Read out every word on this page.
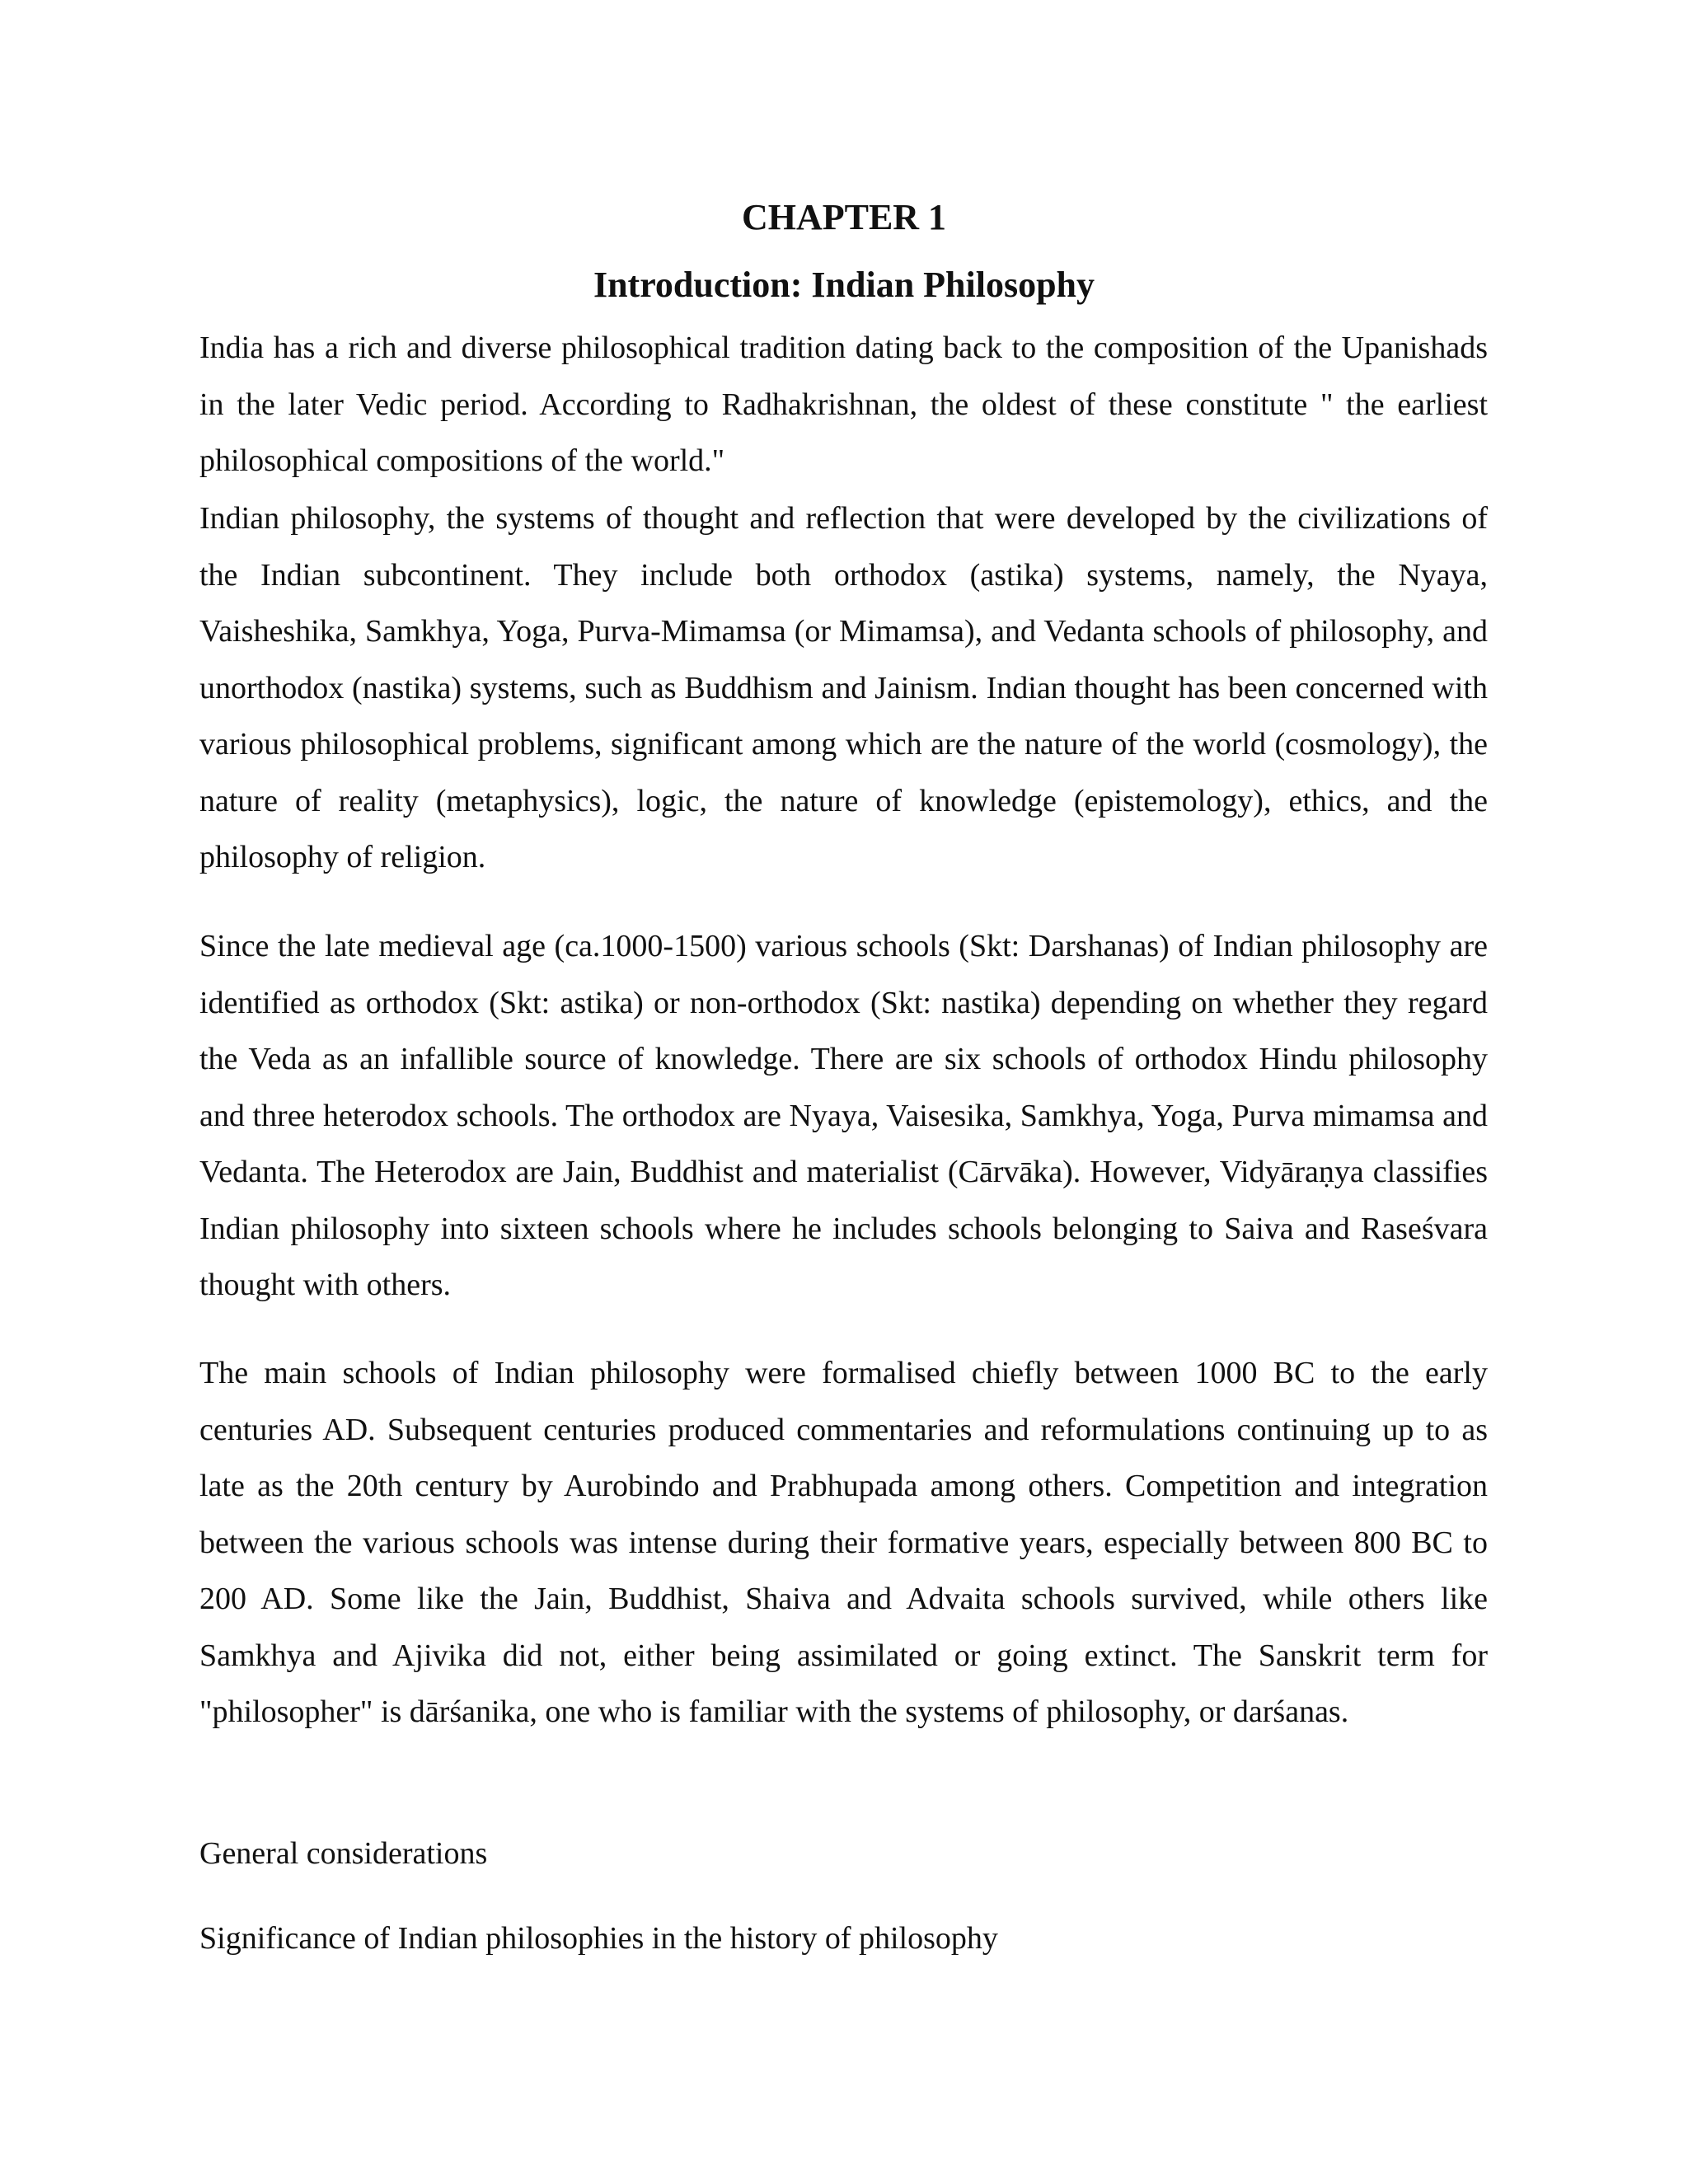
CHAPTER 1
Introduction: Indian Philosophy

India has a rich and diverse philosophical tradition dating back to the composition of the Upanishads in the later Vedic period. According to Radhakrishnan, the oldest of these constitute " the earliest philosophical compositions of the world."

Indian philosophy, the systems of thought and reflection that were developed by the civilizations of the Indian subcontinent. They include both orthodox (astika) systems, namely, the Nyaya, Vaisheshika, Samkhya, Yoga, Purva-Mimamsa (or Mimamsa), and Vedanta schools of philosophy, and unorthodox (nastika) systems, such as Buddhism and Jainism. Indian thought has been concerned with various philosophical problems, significant among which are the nature of the world (cosmology), the nature of reality (metaphysics), logic, the nature of knowledge (epistemology), ethics, and the philosophy of religion.

Since the late medieval age (ca.1000-1500) various schools (Skt: Darshanas) of Indian philosophy are identified as orthodox (Skt: astika) or non-orthodox (Skt: nastika) depending on whether they regard the Veda as an infallible source of knowledge. There are six schools of orthodox Hindu philosophy and three heterodox schools. The orthodox are Nyaya, Vaisesika, Samkhya, Yoga, Purva mimamsa and Vedanta. The Heterodox are Jain, Buddhist and materialist (Cārvāka). However, Vidyāraṇya classifies Indian philosophy into sixteen schools where he includes schools belonging to Saiva and Raseśvara thought with others.

The main schools of Indian philosophy were formalised chiefly between 1000 BC to the early centuries AD. Subsequent centuries produced commentaries and reformulations continuing up to as late as the 20th century by Aurobindo and Prabhupada among others. Competition and integration between the various schools was intense during their formative years, especially between 800 BC to 200 AD. Some like the Jain, Buddhist, Shaiva and Advaita schools survived, while others like Samkhya and Ajivika did not, either being assimilated or going extinct. The Sanskrit term for "philosopher" is dārśanika, one who is familiar with the systems of philosophy, or darśanas.

General considerations

Significance of Indian philosophies in the history of philosophy
